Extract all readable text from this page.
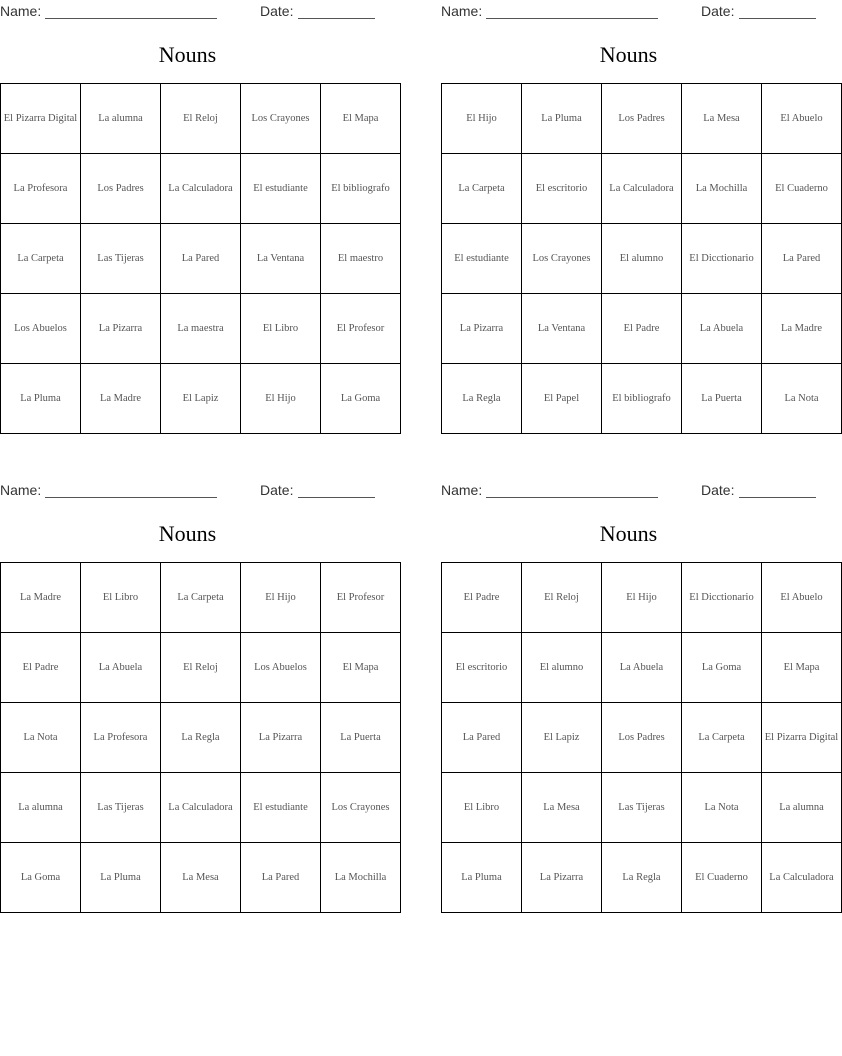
Name:	Date:
Nouns
El Pizarra Digital	La alumna	El Reloj	Los Crayones	El Mapa
La Profesora	Los Padres	La Calculadora	El estudiante	El bibliografo
La Carpeta	Las Tijeras	La Pared	La Ventana	El maestro
Los Abuelos	La Pizarra	La maestra	El Libro	El Profesor
La Pluma	La Madre	El Lapiz	El Hijo	La Goma
Name:	Date:
Nouns
El Hijo	La Pluma	Los Padres	La Mesa	El Abuelo
La Carpeta	El escritorio	La Calculadora	La Mochilla	El Cuaderno
El estudiante	Los Crayones	El alumno	El Dicctionario	La Pared
La Pizarra	La Ventana	El Padre	La Abuela	La Madre
La Regla	El Papel	El bibliografo	La Puerta	La Nota
Name:	Date:
Nouns
La Madre	El Libro	La Carpeta	El Hijo	El Profesor
El Padre	La Abuela	El Reloj	Los Abuelos	El Mapa
La Nota	La Profesora	La Regla	La Pizarra	La Puerta
La alumna	Las Tijeras	La Calculadora	El estudiante	Los Crayones
La Goma	La Pluma	La Mesa	La Pared	La Mochilla
Name:	Date:
Nouns
El Padre	El Reloj	El Hijo	El Dicctionario	El Abuelo
El escritorio	El alumno	La Abuela	La Goma	El Mapa
La Pared	El Lapiz	Los Padres	La Carpeta	El Pizarra Digital
El Libro	La Mesa	Las Tijeras	La Nota	La alumna
La Pluma	La Pizarra	La Regla	El Cuaderno	La Calculadora
